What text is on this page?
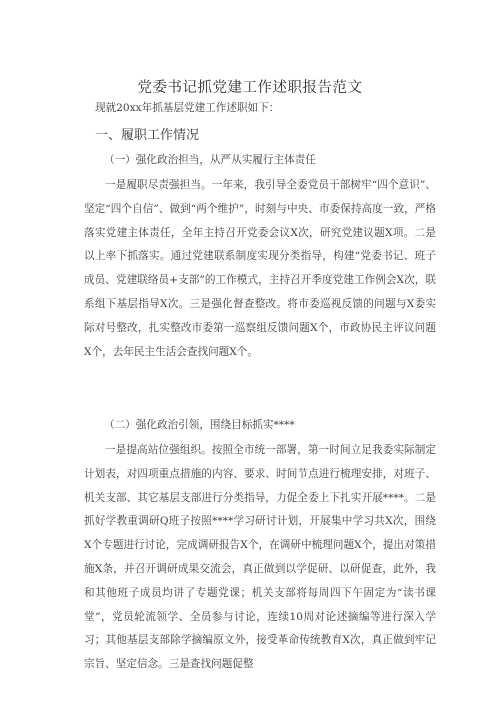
党委书记抓党建工作述职报告范文
现就20xx年抓基层党建工作述职如下：
一、履职工作情况
（一）强化政治担当，从严从实履行主体责任
一是履职尽责强担当。一年来，我引导全委党员干部树牢“四个意识”、坚定“四个自信”、做到“两个维护”，时刻与中央、市委保持高度一致，严格落实党建主体责任，全年主持召开党委会议X次，研究党建议题X项。二是以上率下抓落实。通过党建联系制度实现分类指导，构建“党委书记、班子成员、党建联络员+支部”的工作模式，主持召开季度党建工作例会X次，联系组下基层指导X次。三是强化督查整改。将市委巡视反馈的问题与X委实际对号整改，扎实整改市委第一巡察组反馈问题X个，市政协民主评议问题X个，去年民主生活会查找问题X个。
（二）强化政治引领，围绕目标抓实****
一是提高站位强组织。按照全市统一部署，第一时间立足我委实际制定计划表，对四项重点措施的内容、要求、时间节点进行梳理安排，对班子、机关支部、其它基层支部进行分类指导，力促全委上下扎实开展****。二是抓好学教重调研Q班子按照****学习研讨计划，开展集中学习共X次，围绕X个专题进行讨论，完成调研报告X个，在调研中梳理问题X个，提出对策措施X条，并召开调研成果交流会，真正做到以学促研、以研促查，此外，我和其他班子成员均讲了专题党课；机关支部将每周四下午固定为“读书课堂”，党员轮流领学、全员参与讨论，连续10周对论述摘编等进行深入学习；其他基层支部除学摘编原文外，接受革命传统教育X次，真正做到牢记宗旨、坚定信念。三是查找问题促整
